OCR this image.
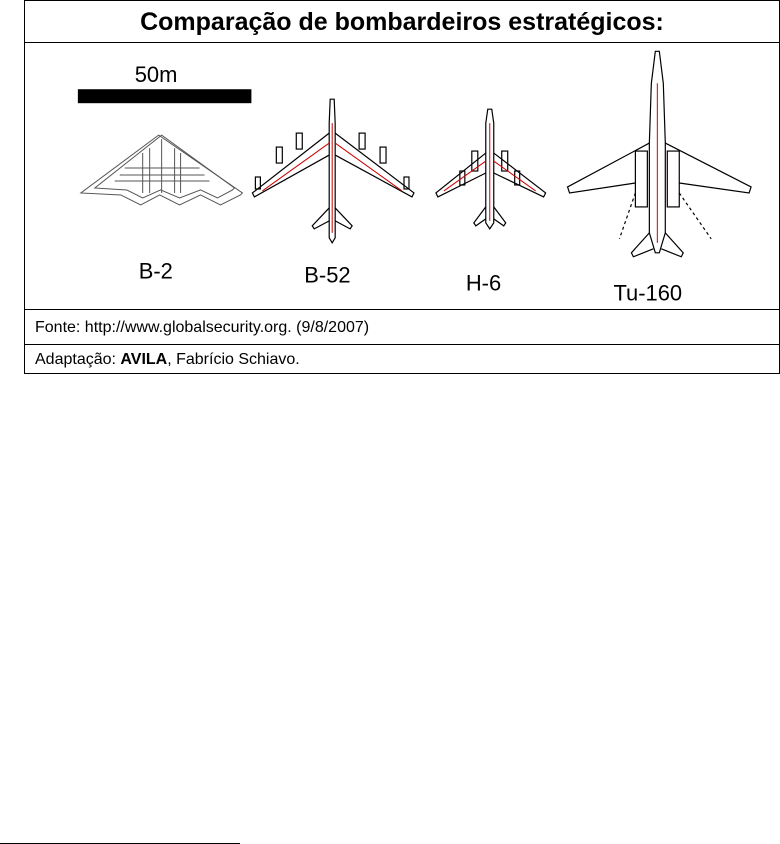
Comparação de bombardeiros estratégicos:
50m
B-2	B-52	H-6	Tu-160
Fonte: http://www.globalsecurity.org. (9/8/2007)
Adaptação: AVILA, Fabrício Schiavo.
